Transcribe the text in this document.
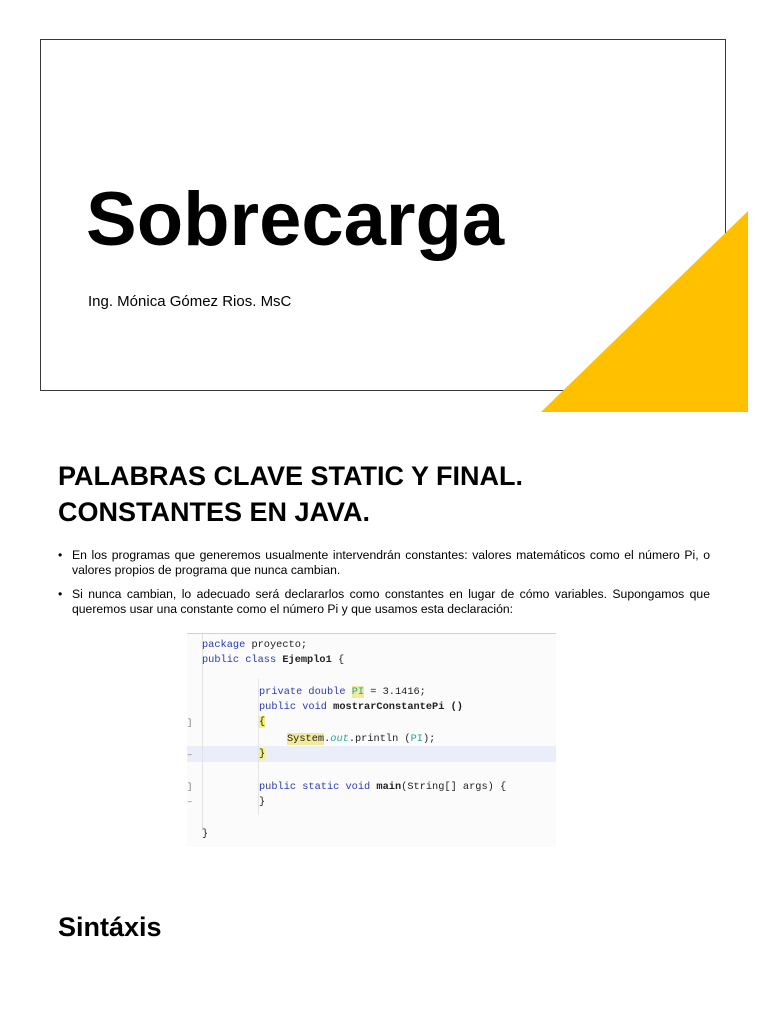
Sobrecarga

Ing. Mónica Gómez Rios. MsC

PALABRAS CLAVE STATIC Y FINAL.
CONSTANTES EN JAVA.
• En los programas que generemos usualmente intervendrán constantes: valores matemáticos como el número Pi, o valores propios de programa que nunca cambian.
• Si nunca cambian, lo adecuado será declararlos como constantes en lugar de cómo variables. Supongamos que queremos usar una constante como el número Pi y que usamos esta declaración:
]
–
]
–
package proyecto;
public class Ejemplo1 {
private double PI = 3.1416;
public void mostrarConstantePi ()
{
System.out.println (PI);
}
public static void main(String[] args) {
}
}
Sintáxis
